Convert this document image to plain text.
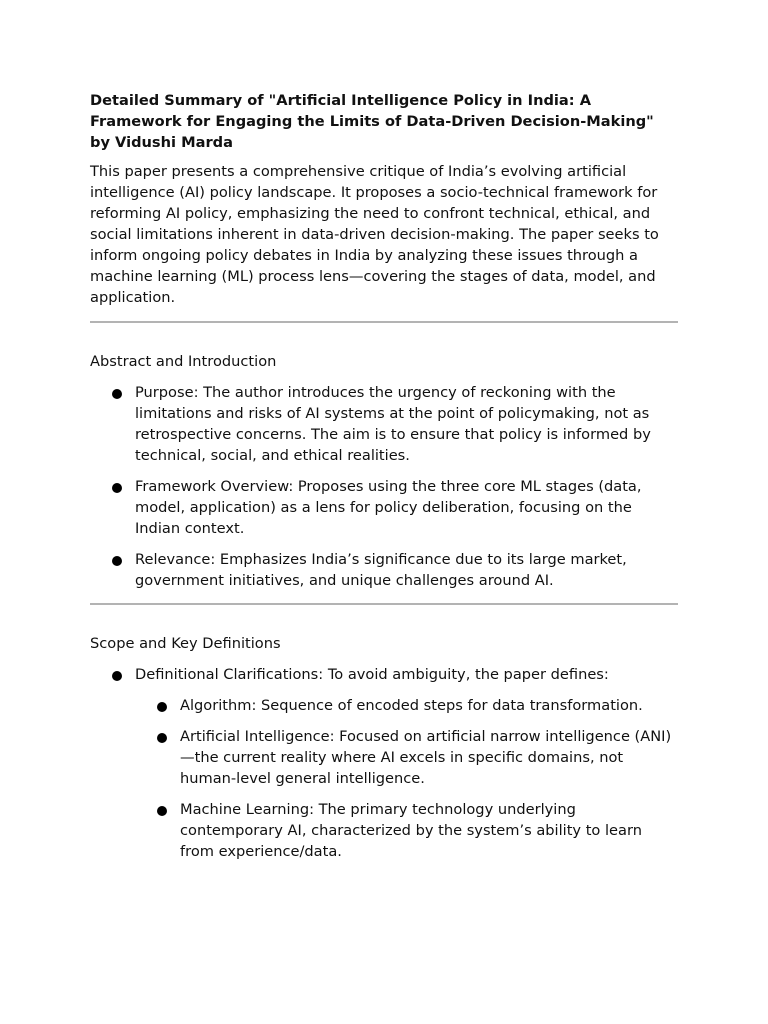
Detailed Summary of "Artificial Intelligence Policy in India: A Framework for Engaging the Limits of Data-Driven Decision-Making" by Vidushi Marda

This paper presents a comprehensive critique of India’s evolving artificial intelligence (AI) policy landscape. It proposes a socio-technical framework for reforming AI policy, emphasizing the need to confront technical, ethical, and social limitations inherent in data-driven decision-making. The paper seeks to inform ongoing policy debates in India by analyzing these issues through a machine learning (ML) process lens—covering the stages of data, model, and application.

Abstract and Introduction

Purpose: The author introduces the urgency of reckoning with the limitations and risks of AI systems at the point of policymaking, not as retrospective concerns. The aim is to ensure that policy is informed by technical, social, and ethical realities.
Framework Overview: Proposes using the three core ML stages (data, model, application) as a lens for policy deliberation, focusing on the Indian context.
Relevance: Emphasizes India’s significance due to its large market, government initiatives, and unique challenges around AI.

Scope and Key Definitions

Definitional Clarifications: To avoid ambiguity, the paper defines:
Algorithm: Sequence of encoded steps for data transformation.
Artificial Intelligence: Focused on artificial narrow intelligence (ANI)—the current reality where AI excels in specific domains, not human-level general intelligence.
Machine Learning: The primary technology underlying contemporary AI, characterized by the system’s ability to learn from experience/data.
